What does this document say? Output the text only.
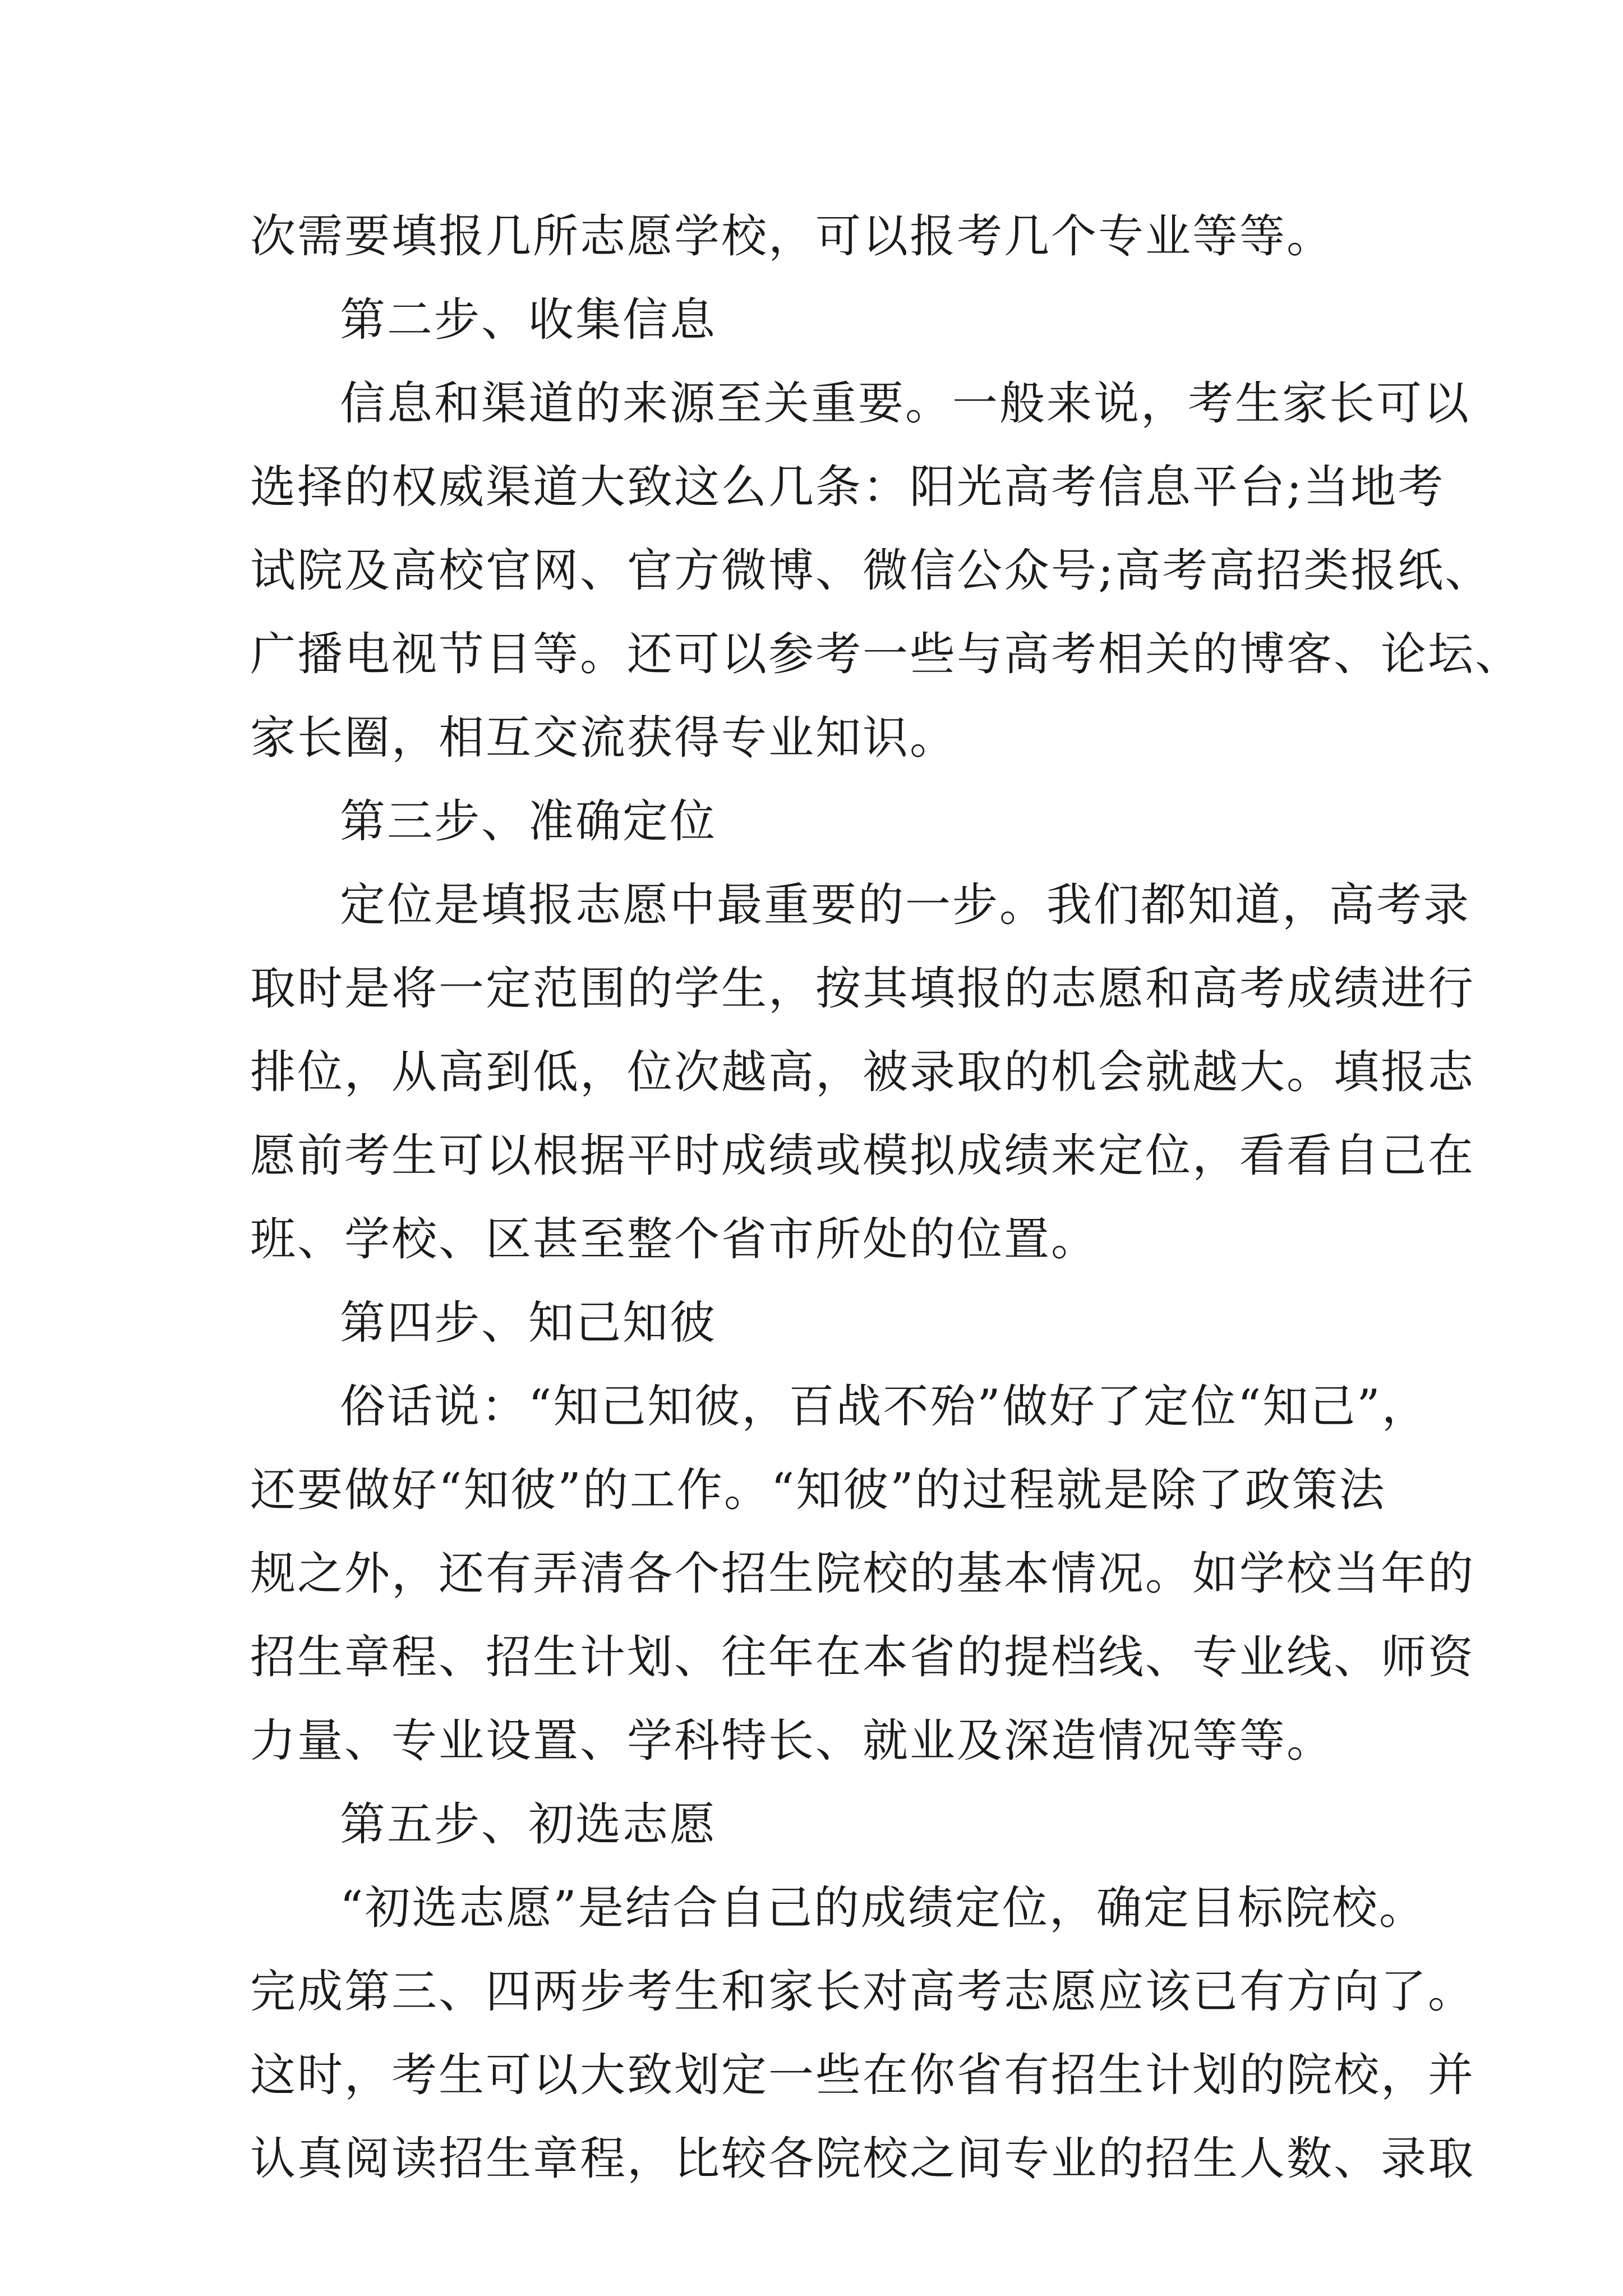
次需要填报几所志愿学校，可以报考几个专业等等。
第二步、收集信息
信息和渠道的来源至关重要。一般来说，考生家长可以
选择的权威渠道大致这么几条：阳光高考信息平台;当地考
试院及高校官网、官方微博、微信公众号;高考高招类报纸、
广播电视节目等。还可以参考一些与高考相关的博客、论坛、
家长圈，相互交流获得专业知识。
第三步、准确定位
定位是填报志愿中最重要的一步。我们都知道，高考录
取时是将一定范围的学生，按其填报的志愿和高考成绩进行
排位，从高到低，位次越高，被录取的机会就越大。填报志
愿前考生可以根据平时成绩或模拟成绩来定位，看看自己在
班、学校、区甚至整个省市所处的位置。
第四步、知己知彼
俗话说：“知己知彼，百战不殆”做好了定位“知己”，
还要做好“知彼”的工作。“知彼”的过程就是除了政策法
规之外，还有弄清各个招生院校的基本情况。如学校当年的
招生章程、招生计划、往年在本省的提档线、专业线、师资
力量、专业设置、学科特长、就业及深造情况等等。
第五步、初选志愿
“初选志愿”是结合自己的成绩定位，确定目标院校。
完成第三、四两步考生和家长对高考志愿应该已有方向了。
这时，考生可以大致划定一些在你省有招生计划的院校，并
认真阅读招生章程，比较各院校之间专业的招生人数、录取
